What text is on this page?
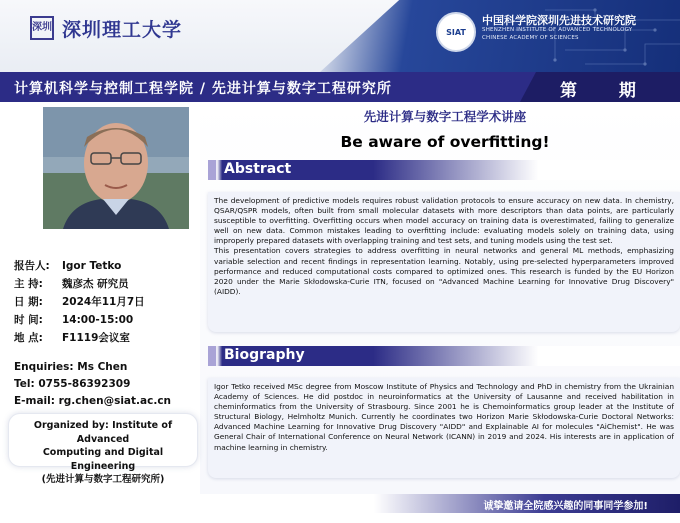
深圳 深圳理工大学	SIAT
中国科学院深圳先进技术研究院
SHENZHEN INSTITUTE OF ADVANCED TECHNOLOGY
CHINESE ACADEMY OF SCIENCES
计算机科学与控制工程学院 / 先进计算与数字工程研究所	第 期
报告人: Igor Tetko
主 持: 魏彦杰 研究员
日 期: 2024年11月7日
时 间: 14:00-15:00
地 点: F1119会议室
Enquiries: Ms Chen
Tel: 0755-86392309
E-mail: rg.chen@siat.ac.cn
Organized by: Institute of Advanced
Computing and Digital Engineering
(先进计算与数字工程研究所)
先进计算与数字工程学术讲座
Be aware of overfitting!
Abstract

The development of predictive models requires robust validation protocols to ensure accuracy on new data. In chemistry, QSAR/QSPR models, often built from small molecular datasets with more descriptors than data points, are particularly susceptible to overfitting. Overfitting occurs when model accuracy on training data is overestimated, failing to generalize well on new data. Common mistakes leading to overfitting include: evaluating models solely on training data, using improperly prepared datasets with overlapping training and test sets, and tuning models using the test set.

This presentation covers strategies to address overfitting in neural networks and general ML methods, emphasizing variable selection and recent findings in representation learning. Notably, using pre-selected hyperparameters improved performance and reduced computational costs compared to optimized ones. This research is funded by the EU Horizon 2020 under the Marie Skłodowska-Curie ITN, focused on "Advanced Machine Learning for Innovative Drug Discovery" (AIDD).

Biography

Igor Tetko received MSc degree from Moscow Institute of Physics and Technology and PhD in chemistry from the Ukrainian Academy of Sciences. He did postdoc in neuroinformatics at the University of Lausanne and received habilitation in cheminformatics from the University of Strasbourg. Since 2001 he is Chemoinformatics group leader at the Institute of Structural Biology, Helmholtz Munich. Currently he coordinates two Horizon Marie Skłodowska-Curie Doctoral Networks: Advanced Machine Learning for Innovative Drug Discovery "AIDD" and Explainable AI for molecules "AiChemist". He was General Chair of International Conference on Neural Network (ICANN) in 2019 and 2024. His interests are in application of machine learning in chemistry.

诚挚邀请全院感兴趣的同事同学参加!
